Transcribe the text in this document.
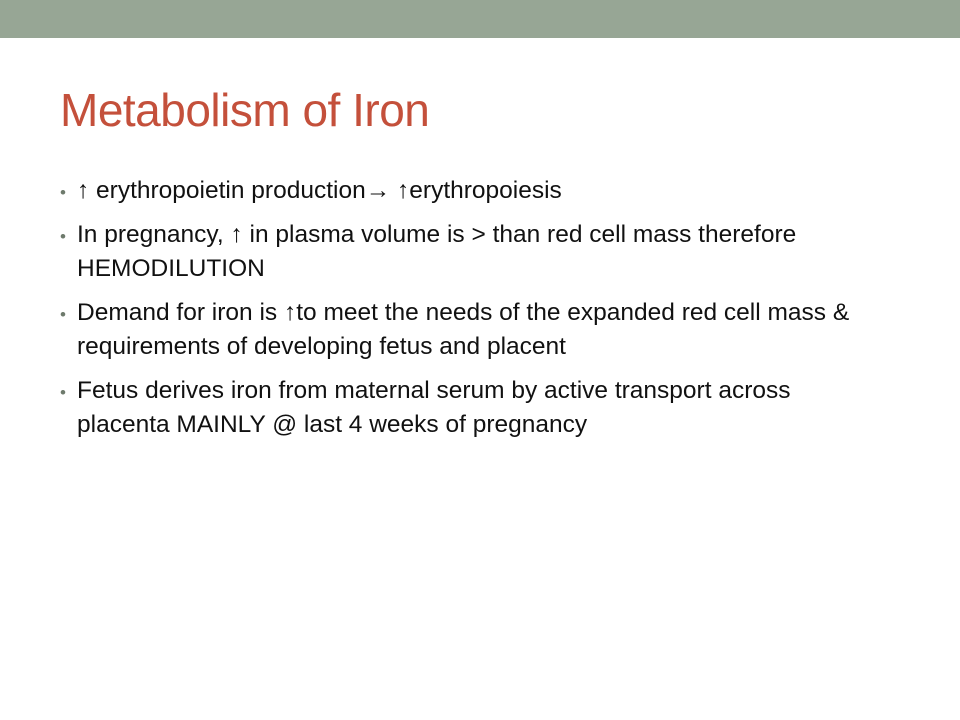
Metabolism of Iron
• ↑ erythropoietin production→ ↑erythropoiesis
• In pregnancy, ↑ in plasma volume is > than red cell mass therefore HEMODILUTION
• Demand for iron is ↑to meet the needs of the expanded red cell mass & requirements of developing fetus and placent
• Fetus derives iron from maternal serum by active transport across placenta MAINLY @ last 4 weeks of pregnancy
